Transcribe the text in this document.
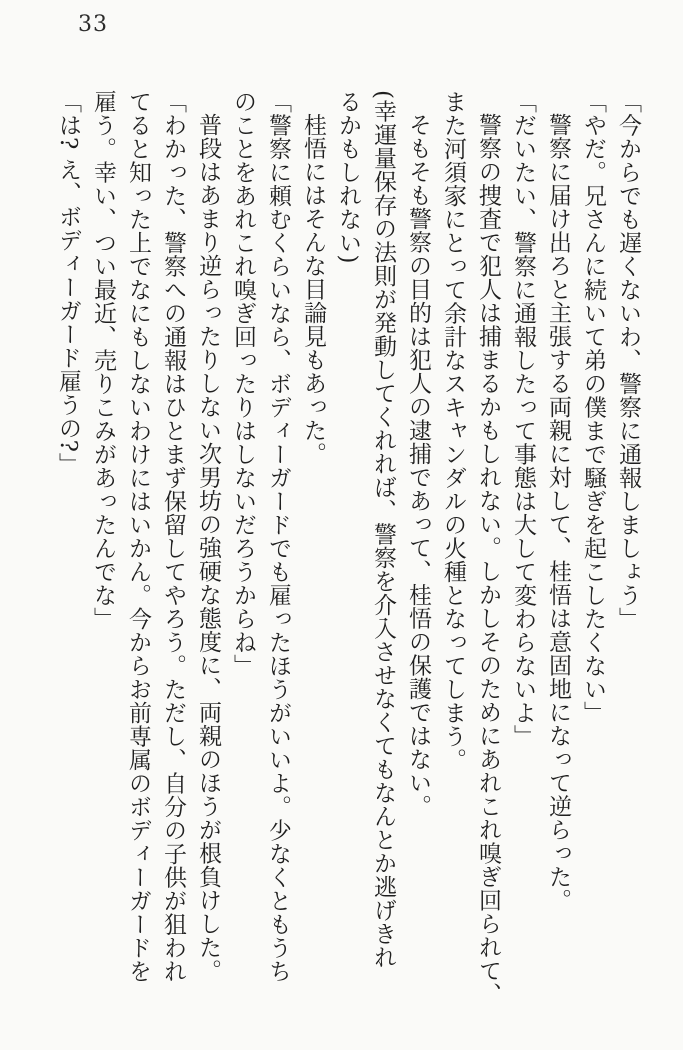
33

「今からでも遅くないわ、警察に通報しましょう」

「やだ。兄さんに続いて弟の僕まで騒ぎを起こしたくない」

警察に届け出ろと主張する両親に対して、桂悟は意固地になって逆らった。

「だいたい、警察に通報したって事態は大して変わらないよ」

警察の捜査で犯人は捕まるかもしれない。しかしそのためにあれこれ嗅ぎ回られて、

また河須家にとって余計なスキャンダルの火種となってしまう。

そもそも警察の目的は犯人の逮捕であって、桂悟の保護ではない。

(幸運量保存の法則が発動してくれれば、警察を介入させなくてもなんとか逃げきれ

るかもしれない)

桂悟にはそんな目論見もあった。

「警察に頼むくらいなら、ボディーガードでも雇ったほうがいいよ。少なくともうち

のことをあれこれ嗅ぎ回ったりはしないだろうからね」

普段はあまり逆らったりしない次男坊の強硬な態度に、両親のほうが根負けした。

「わかった、警察への通報はひとまず保留してやろう。ただし、自分の子供が狙われ

てると知った上でなにもしないわけにはいかん。今からお前専属のボディーガードを

雇う。幸い、つい最近、売りこみがあったんでな」

「は? え、ボディーガード雇うの?」
